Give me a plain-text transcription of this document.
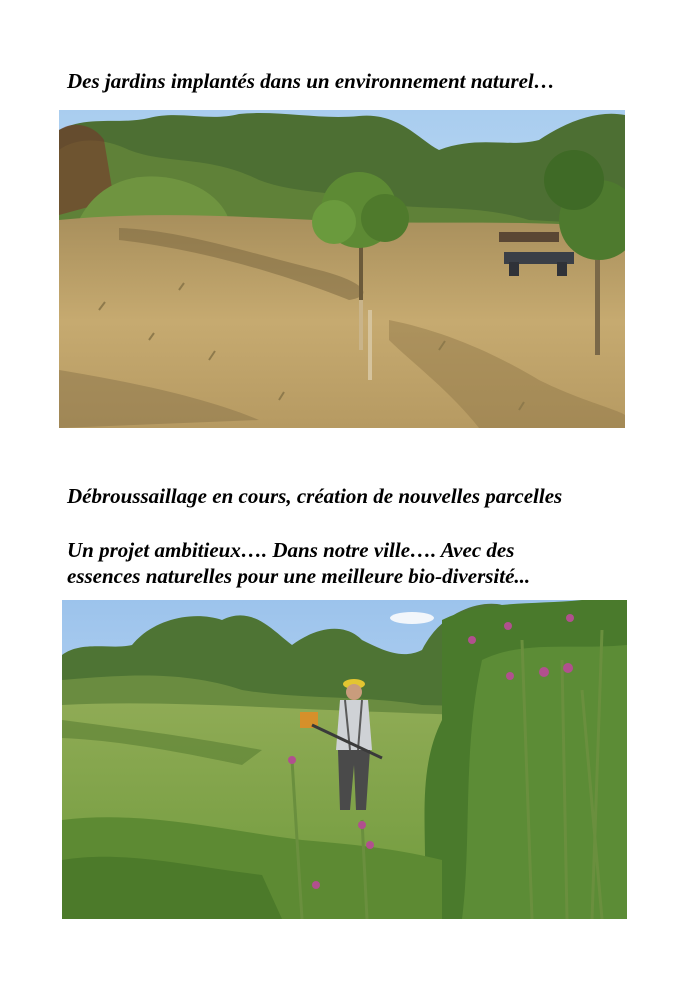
Des jardins implantés dans un environnement naturel…

Débroussaillage en cours, création de nouvelles parcelles

Un projet ambitieux…. Dans notre ville…. Avec des
essences naturelles pour une meilleure bio-diversité...
